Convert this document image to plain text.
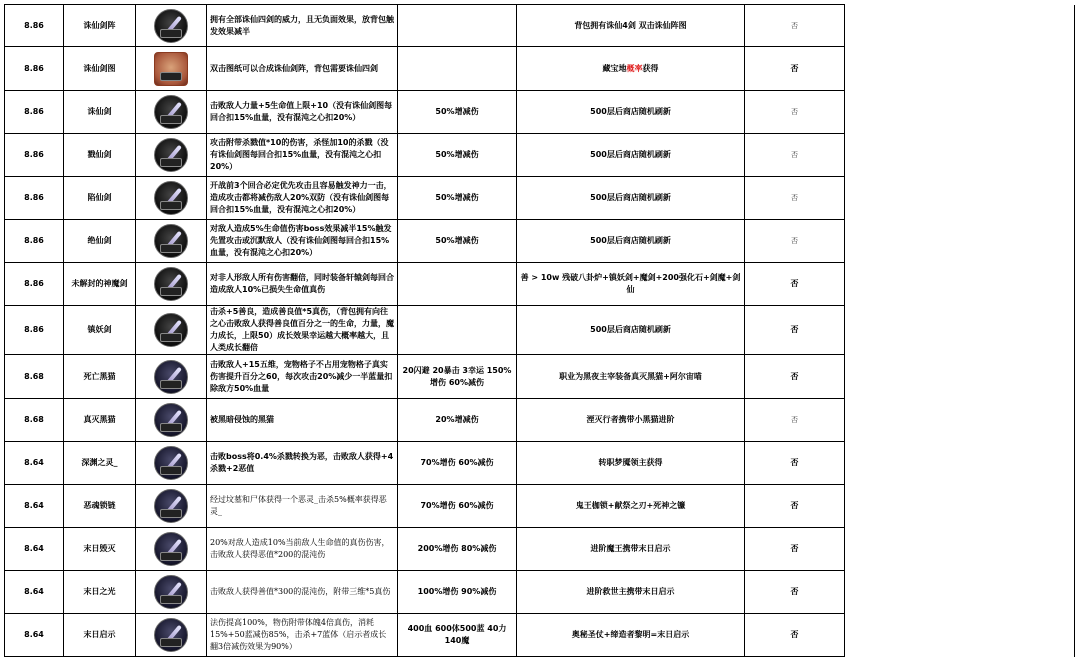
8.86	诛仙剑阵		拥有全部诛仙四剑的威力，且无负面效果，放背包触发效果减半		背包拥有诛仙4剑 双击诛仙阵图	否	
8.86	诛仙剑图		双击图纸可以合成诛仙剑阵，背包需要诛仙四剑		藏宝地概率获得	否	
8.86	诛仙剑		击败敌人力量+5生命值上限+10（没有诛仙剑图每回合扣15%血量，没有混沌之心扣20%）	50%增减伤	500层后商店随机刷新	否	
8.86	戮仙剑		攻击附带杀戮值*10的伤害，杀怪加10的杀戮（没有诛仙剑图每回合扣15%血量，没有混沌之心扣20%）	50%增减伤	500层后商店随机刷新	否	
8.86	陷仙剑		开战前3个回合必定优先攻击且容易触发神力一击，造成攻击都将减伤敌人20%双防（没有诛仙剑图每回合扣15%血量，没有混沌之心扣20%）	50%增减伤	500层后商店随机刷新	否	
8.86	绝仙剑		对敌人造成5%生命值伤害boss效果减半15%触发先置攻击或沉默敌人（没有诛仙剑图每回合扣15%血量，没有混沌之心扣20%）	50%增减伤	500层后商店随机刷新	否	
8.86	未解封的神魔剑		对非人形敌人所有伤害翻倍，同时装备轩辕剑每回合造成敌人10%已损失生命值真伤		善 > 10w 残破八卦炉+镇妖剑+魔剑+200强化石+剑魔+剑仙	否	
8.86	镇妖剑		击杀+5善良，造成善良值*5真伤，（背包拥有向往之心击败敌人获得善良值百分之一的生命，力量，魔力成长，上限50）成长效果幸运越大概率越大，且人类成长翻倍		500层后商店随机刷新	否	
8.68	死亡黑猫		击败敌人+15五维，宠物格子不占用宠物格子真实伤害提升百分之60，每次攻击20%减少一半蓝量扣除敌方50%血量	20闪避 20暴击 3幸运 150%增伤 60%减伤	职业为黑夜主宰装备真灭黑猫+阿尔宙喵	否	
8.68	真灭黑猫		被黑暗侵蚀的黑猫	20%增减伤	湮灭行者携带小黑猫进阶	否	
8.64	深渊之灵_		击败boss将0.4%杀戮转换为恶，击败敌人获得+4杀戮+2恶值	70%增伤 60%减伤	转职梦魇领主获得	否	
8.64	恶魂锁链		经过坟墓和尸体获得一个恶灵_击杀5%概率获得恶灵_	70%增伤 60%减伤	鬼王枷锁+献祭之刃+死神之镰	否	
8.64	末日毁灭		20%对敌人造成10%当前敌人生命值的真伤伤害，击败敌人获得恶值*200的混沌伤	200%增伤 80%减伤	进阶魔王携带末日启示	否	
8.64	末日之光		击败敌人获得善值*300的混沌伤，附带三维*5真伤	100%增伤 90%减伤	进阶救世主携带末日启示	否	
8.64	末日启示		法伤提高100%，物伤附带体魄4倍真伤，消耗15%+50蓝减伤85%，击杀+7蓝体（启示者成长翻3倍减伤效果为90%）	400血 600体500蓝 40力 140魔	奥秘圣仗+缔造者黎明=末日启示	否	
